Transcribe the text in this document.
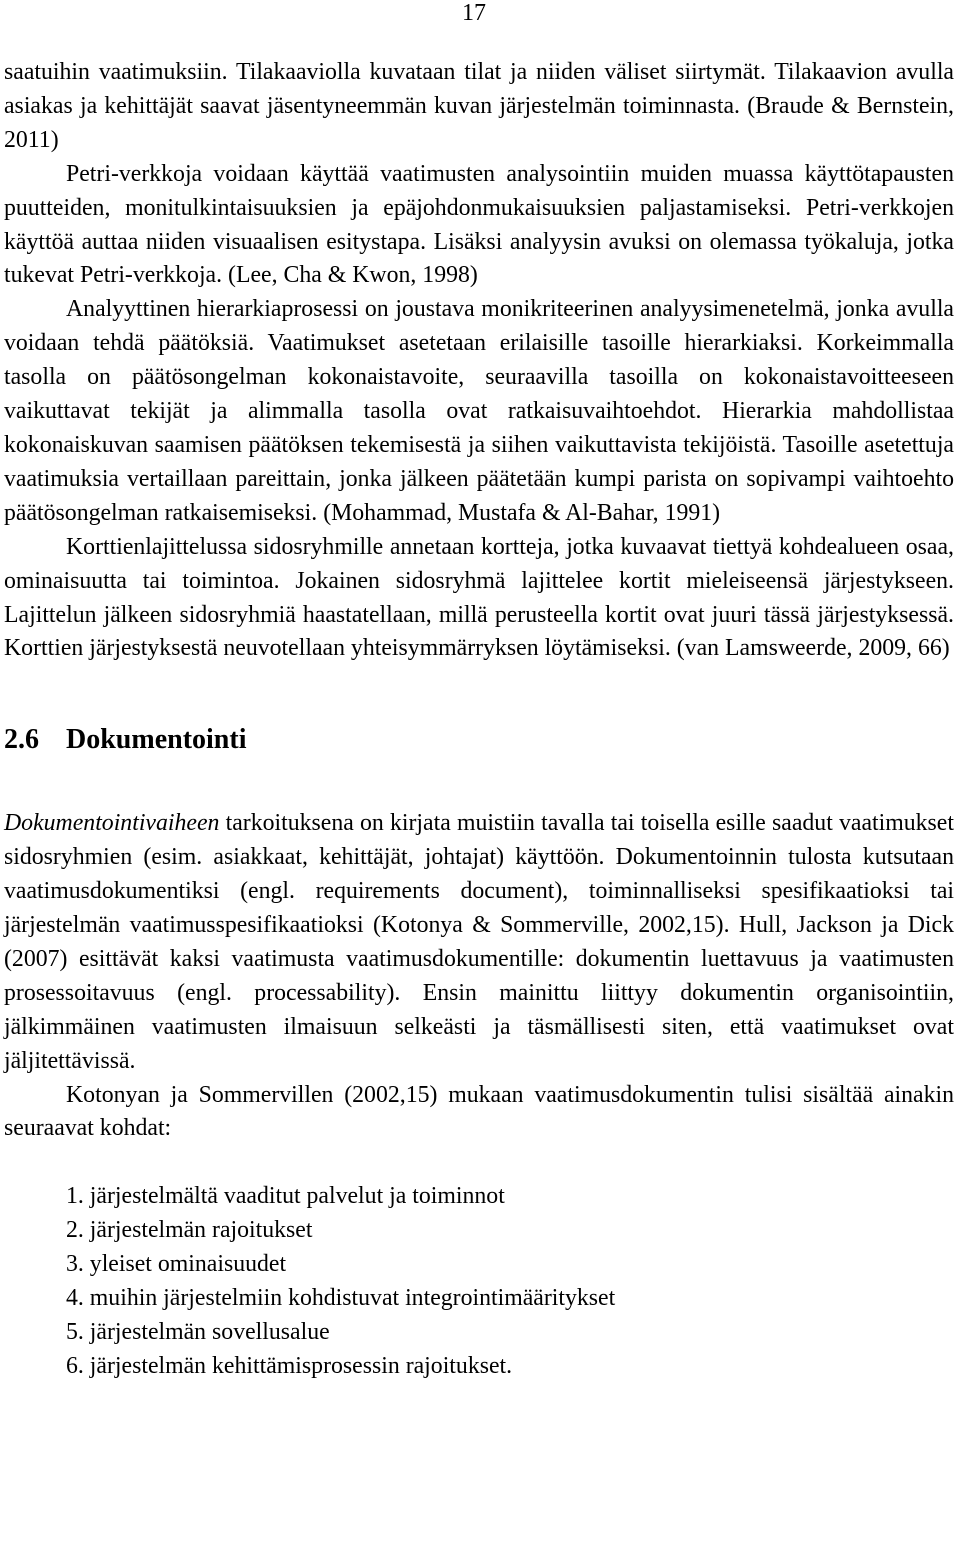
17

saatuihin vaatimuksiin. Tilakaaviolla kuvataan tilat ja niiden väliset siirtymät. Tilakaavion avulla asiakas ja kehittäjät saavat jäsentyneemmän kuvan järjestelmän toiminnasta. (Braude & Bernstein, 2011)

Petri-verkkoja voidaan käyttää vaatimusten analysointiin muiden muassa käyttötapausten puutteiden, monitulkintaisuuksien ja epäjohdonmukaisuuksien paljastamiseksi. Petri-verkkojen käyttöä auttaa niiden visuaalisen esitystapa. Lisäksi analyysin avuksi on olemassa työkaluja, jotka tukevat Petri-verkkoja. (Lee, Cha & Kwon, 1998)

Analyyttinen hierarkiaprosessi on joustava monikriteerinen analyysimenetelmä, jonka avulla voidaan tehdä päätöksiä. Vaatimukset asetetaan erilaisille tasoille hierarkiaksi. Korkeimmalla tasolla on päätösongelman kokonaistavoite, seuraavilla tasoilla on kokonaistavoitteeseen vaikuttavat tekijät ja alimmalla tasolla ovat ratkaisuvaihtoehdot. Hierarkia mahdollistaa kokonaiskuvan saamisen päätöksen tekemisestä ja siihen vaikuttavista tekijöistä. Tasoille asetettuja vaatimuksia vertaillaan pareittain, jonka jälkeen päätetään kumpi parista on sopivampi vaihtoehto päätösongelman ratkaisemiseksi. (Mohammad, Mustafa & Al-Bahar, 1991)

Korttienlajittelussa sidosryhmille annetaan kortteja, jotka kuvaavat tiettyä kohdealueen osaa, ominaisuutta tai toimintoa. Jokainen sidosryhmä lajittelee kortit mieleiseensä järjestykseen. Lajittelun jälkeen sidosryhmiä haastatellaan, millä perusteella kortit ovat juuri tässä järjestyksessä. Korttien järjestyksestä neuvotellaan yhteisymmärryksen löytämiseksi. (van Lamsweerde, 2009, 66)

2.6 Dokumentointi

Dokumentointivaiheen tarkoituksena on kirjata muistiin tavalla tai toisella esille saadut vaatimukset sidosryhmien (esim. asiakkaat, kehittäjät, johtajat) käyttöön. Dokumentoinnin tulosta kutsutaan vaatimusdokumentiksi (engl. requirements document), toiminnalliseksi spesifikaatioksi tai järjestelmän vaatimusspesifikaatioksi (Kotonya & Sommerville, 2002,15). Hull, Jackson ja Dick (2007) esittävät kaksi vaatimusta vaatimusdokumentille: dokumentin luettavuus ja vaatimusten prosessoitavuus (engl. processability). Ensin mainittu liittyy dokumentin organisointiin, jälkimmäinen vaatimusten ilmaisuun selkeästi ja täsmällisesti siten, että vaatimukset ovat jäljitettävissä.

Kotonyan ja Sommervillen (2002,15) mukaan vaatimusdokumentin tulisi sisältää ainakin seuraavat kohdat:

1. järjestelmältä vaaditut palvelut ja toiminnot
2. järjestelmän rajoitukset
3. yleiset ominaisuudet
4. muihin järjestelmiin kohdistuvat integrointimääritykset
5. järjestelmän sovellusalue
6. järjestelmän kehittämisprosessin rajoitukset.
